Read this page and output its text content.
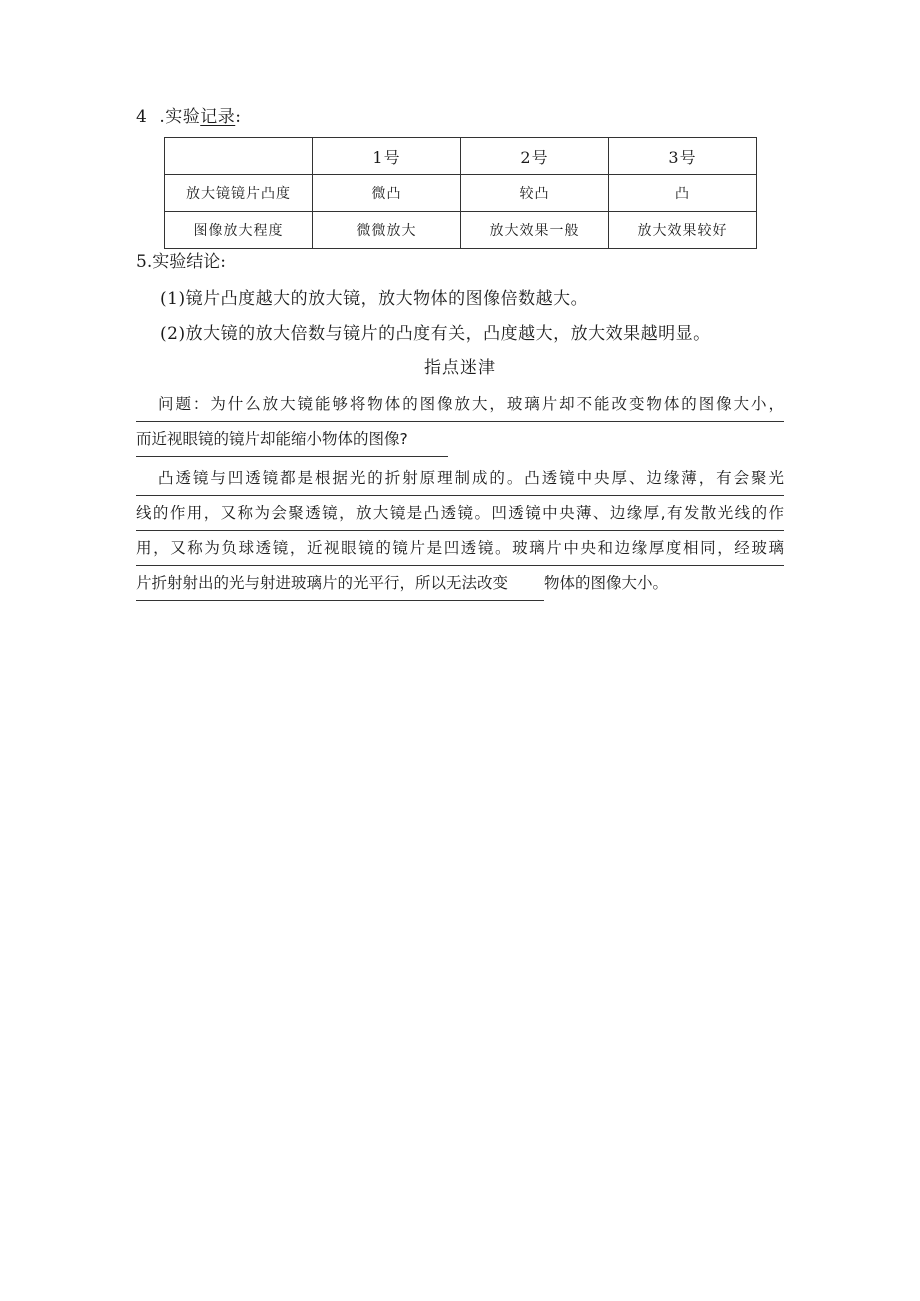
4 .实验记录:
	1号	2号	3号
放大镜镜片凸度	微凸	较凸	凸
图像放大程度	微微放大	放大效果一般	放大效果较好
5.实验结论:
(1)镜片凸度越大的放大镜，放大物体的图像倍数越大。
(2)放大镜的放大倍数与镜片的凸度有关，凸度越大，放大效果越明显。
指点迷津
问题：为什么放大镜能够将物体的图像放大，玻璃片却不能改变物体的图像大小，
而近视眼镜的镜片却能缩小物体的图像?
凸透镜与凹透镜都是根据光的折射原理制成的。凸透镜中央厚、边缘薄，有会聚光
线的作用，又称为会聚透镜，放大镜是凸透镜。凹透镜中央薄、边缘厚,有发散光线的作
用，又称为负球透镜，近视眼镜的镜片是凹透镜。玻璃片中央和边缘厚度相同，经玻璃
片折射射出的光与射进玻璃片的光平行，所以无法改变 物体的图像大小。
